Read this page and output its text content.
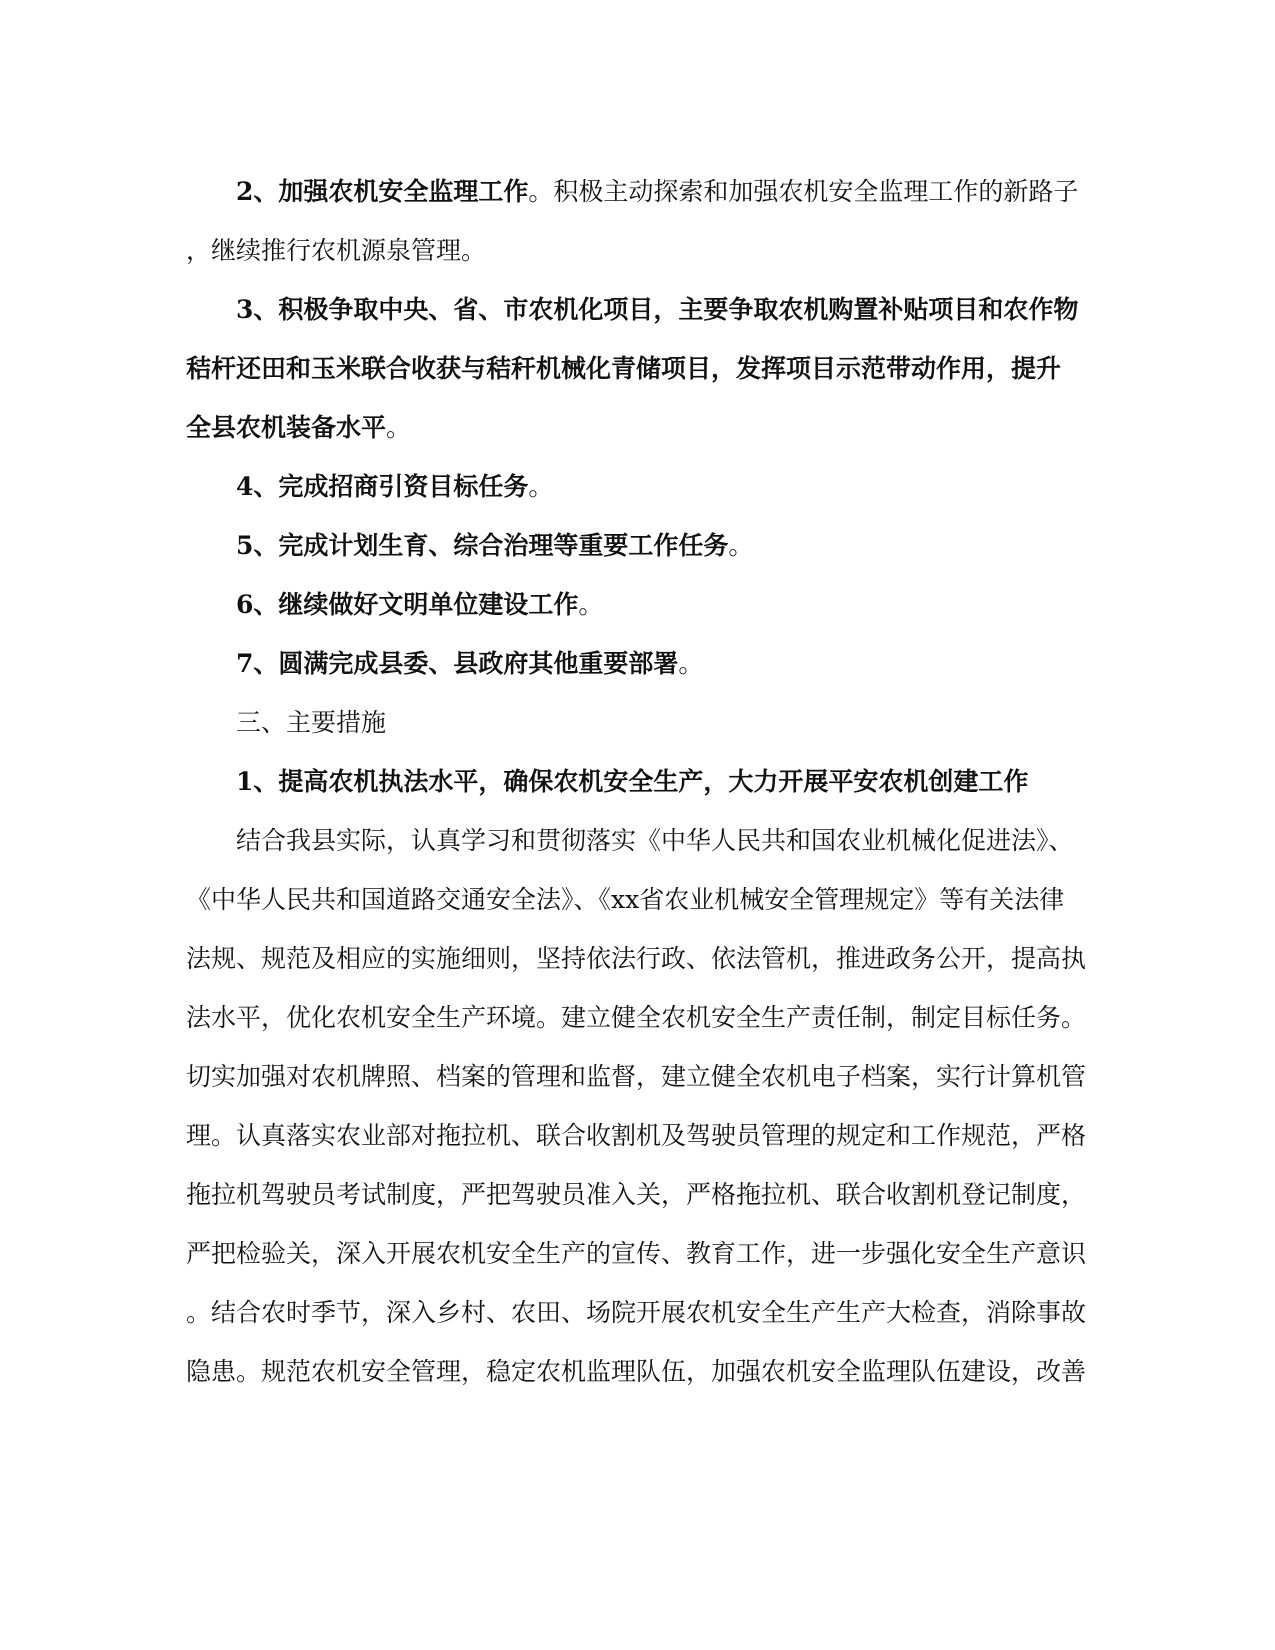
2、加强农机安全监理工作。积极主动探索和加强农机安全监理工作的新路子
，继续推行农机源泉管理。
3、积极争取中央、省、市农机化项目，主要争取农机购置补贴项目和农作物
秸杆还田和玉米联合收获与秸秆机械化青储项目，发挥项目示范带动作用，提升
全县农机装备水平。
4、完成招商引资目标任务。
5、完成计划生育、综合治理等重要工作任务。
6、继续做好文明单位建设工作。
7、圆满完成县委、县政府其他重要部署。
三、主要措施
1、提高农机执法水平，确保农机安全生产，大力开展平安农机创建工作
结合我县实际，认真学习和贯彻落实《中华人民共和国农业机械化促进法》、
《中华人民共和国道路交通安全法》、《xx省农业机械安全管理规定》等有关法律
法规、规范及相应的实施细则，坚持依法行政、依法管机，推进政务公开，提高执
法水平，优化农机安全生产环境。建立健全农机安全生产责任制，制定目标任务。
切实加强对农机牌照、档案的管理和监督，建立健全农机电子档案，实行计算机管
理。认真落实农业部对拖拉机、联合收割机及驾驶员管理的规定和工作规范，严格
拖拉机驾驶员考试制度，严把驾驶员准入关，严格拖拉机、联合收割机登记制度，
严把检验关，深入开展农机安全生产的宣传、教育工作，进一步强化安全生产意识
。结合农时季节，深入乡村、农田、场院开展农机安全生产生产大检查，消除事故
隐患。规范农机安全管理，稳定农机监理队伍，加强农机安全监理队伍建设，改善
